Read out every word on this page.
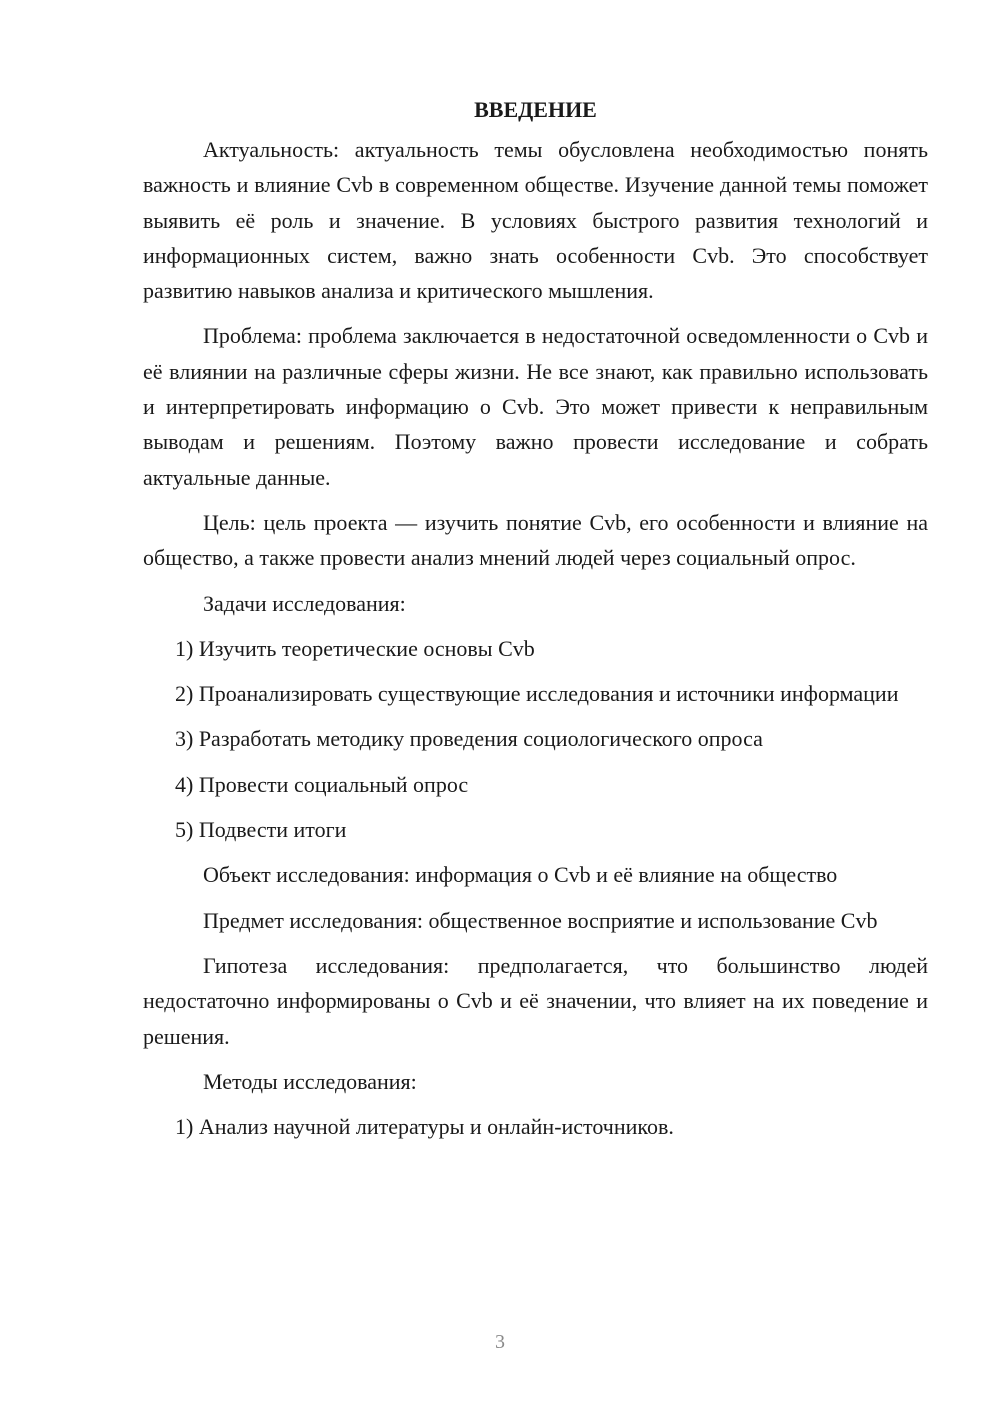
ВВЕДЕНИЕ

Актуальность: актуальность темы обусловлена необходимостью понять важность и влияние Cvb в современном обществе. Изучение данной темы поможет выявить её роль и значение. В условиях быстрого развития технологий и информационных систем, важно знать особенности Cvb. Это способствует развитию навыков анализа и критического мышления.

Проблема: проблема заключается в недостаточной осведомленности о Cvb и её влиянии на различные сферы жизни. Не все знают, как правильно использовать и интерпретировать информацию о Cvb. Это может привести к неправильным выводам и решениям. Поэтому важно провести исследование и собрать актуальные данные.

Цель: цель проекта — изучить понятие Cvb, его особенности и влияние на общество, а также провести анализ мнений людей через социальный опрос.

Задачи исследования:

1) Изучить теоретические основы Cvb

2) Проанализировать существующие исследования и источники информации

3) Разработать методику проведения социологического опроса

4) Провести социальный опрос

5) Подвести итоги

Объект исследования: информация о Cvb и её влияние на общество

Предмет исследования: общественное восприятие и использование Cvb

Гипотеза исследования: предполагается, что большинство людей недостаточно информированы о Cvb и её значении, что влияет на их поведение и решения.

Методы исследования:

1) Анализ научной литературы и онлайн-источников.

3
